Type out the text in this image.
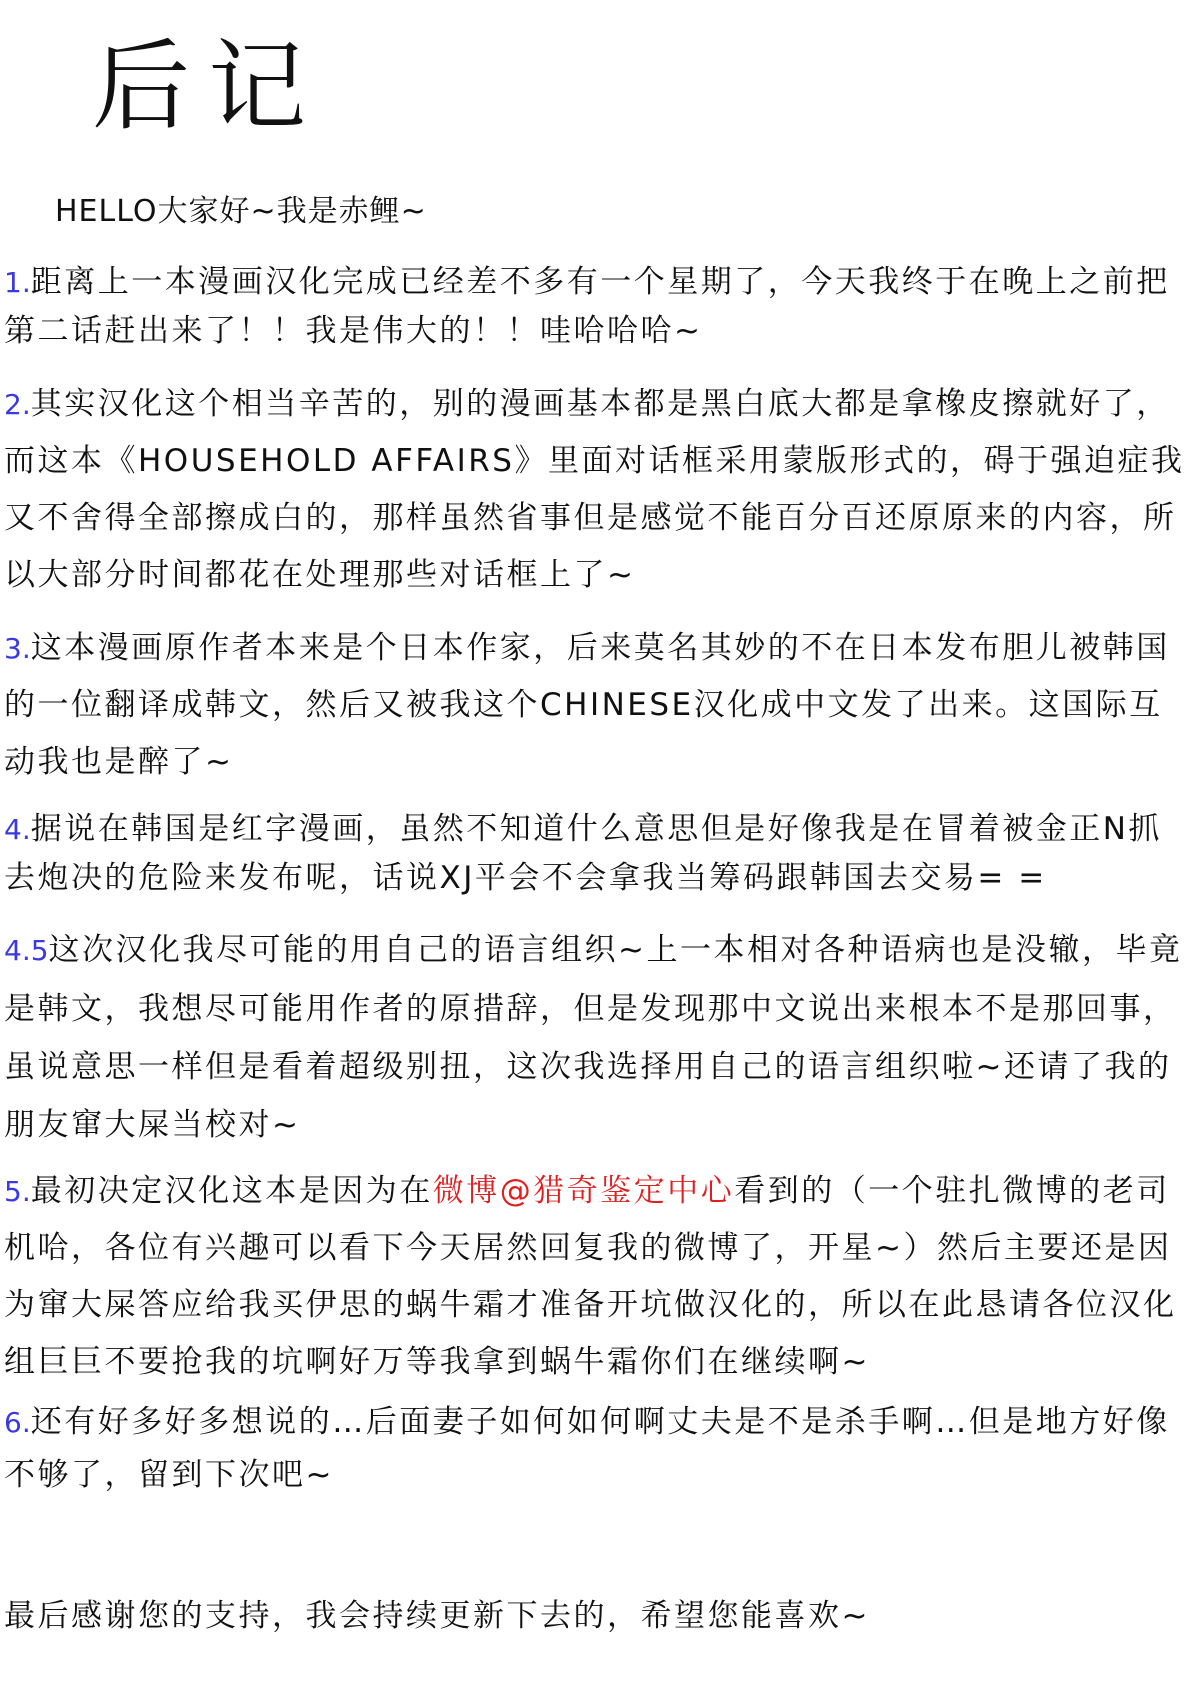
后记
HELLO大家好~我是赤鲤~
1.距离上一本漫画汉化完成已经差不多有一个星期了，今天我终于在晚上之前把第二话赶出来了！！我是伟大的！！哇哈哈哈~
2.其实汉化这个相当辛苦的，别的漫画基本都是黑白底大都是拿橡皮擦就好了，而这本《HOUSEHOLD AFFAIRS》里面对话框采用蒙版形式的，碍于强迫症我又不舍得全部擦成白的，那样虽然省事但是感觉不能百分百还原原来的内容，所以大部分时间都花在处理那些对话框上了~
3.这本漫画原作者本来是个日本作家，后来莫名其妙的不在日本发布胆儿被韩国的一位翻译成韩文，然后又被我这个CHINESE汉化成中文发了出来。这国际互动我也是醉了~
4.据说在韩国是红字漫画，虽然不知道什么意思但是好像我是在冒着被金正N抓去炮决的危险来发布呢，话说XJ平会不会拿我当筹码跟韩国去交易= =
4.5这次汉化我尽可能的用自己的语言组织~上一本相对各种语病也是没辙，毕竟是韩文，我想尽可能用作者的原措辞，但是发现那中文说出来根本不是那回事，虽说意思一样但是看着超级别扭，这次我选择用自己的语言组织啦~还请了我的朋友窜大屎当校对~
5.最初决定汉化这本是因为在微博@猎奇鉴定中心看到的（一个驻扎微博的老司机哈，各位有兴趣可以看下今天居然回复我的微博了，开星~）然后主要还是因为窜大屎答应给我买伊思的蜗牛霜才准备开坑做汉化的，所以在此恳请各位汉化组巨巨不要抢我的坑啊好万等我拿到蜗牛霜你们在继续啊~
6.还有好多好多想说的…后面妻子如何如何啊丈夫是不是杀手啊…但是地方好像不够了，留到下次吧~
最后感谢您的支持，我会持续更新下去的，希望您能喜欢~
